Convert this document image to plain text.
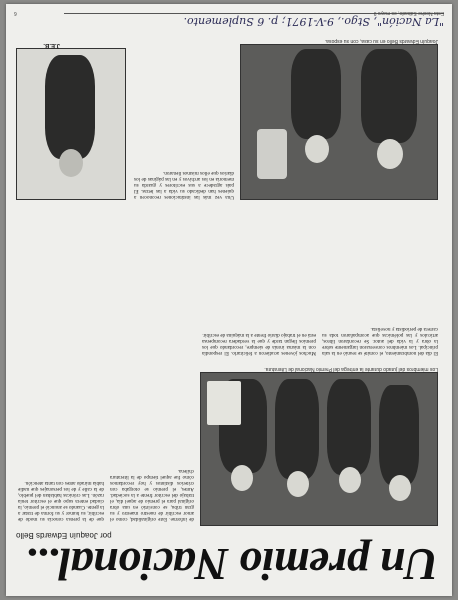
Un premio Nacional...
por Joaquín Edwards Bello
Los miembros del jurado durante la entrega del Premio Nacional de Literatura.
de informe. Este originalidad, como el amor escribir de nuestro maestro y su gran tribu, se convirtió en una obra original para el premio de aquel día, el trabajo del escritor frente a la sociedad. Antes, el premio se otorgaba con criterios distintos y hoy recordamos cómo fue aquel tiempo de la literatura chilena.
que de la prensa conocía su modo de escribir, su humor y su forma de tratar a la gente. Cuando se anunció el premio, la ciudad entera supo que el escritor tenía razón. Las crónicas hablaban del pueblo, de la calle y de los personajes que nadie había mirado antes con tanta atención.
El día del nombramiento, el comité se reunió en la sala principal. Los miembros conversaron largamente sobre la obra y la vida del autor. Se recordaron libros, artículos y las polémicas que acompañaron toda su carrera de periodista y novelista.
Muchos jóvenes acudieron a felicitarlo. Él respondía con la misma ironía de siempre, recordando que los premios llegan tarde y que la verdadera recompensa está en el trabajo diario frente a la máquina de escribir.
Joaquín Edwards Bello en su casa, con su esposa.
Una vez más las instituciones reconocen a quienes han dedicado su vida a las letras. El país agradece a sus escritores y guarda su memoria en los archivos y en las páginas de los diarios que ellos mismos llenaron.
J.E.B.
"La Nación", Stgo., 9-V-1971; p. 6 Suplemento.
Esta Noche Sábado, es mayo 9
6
